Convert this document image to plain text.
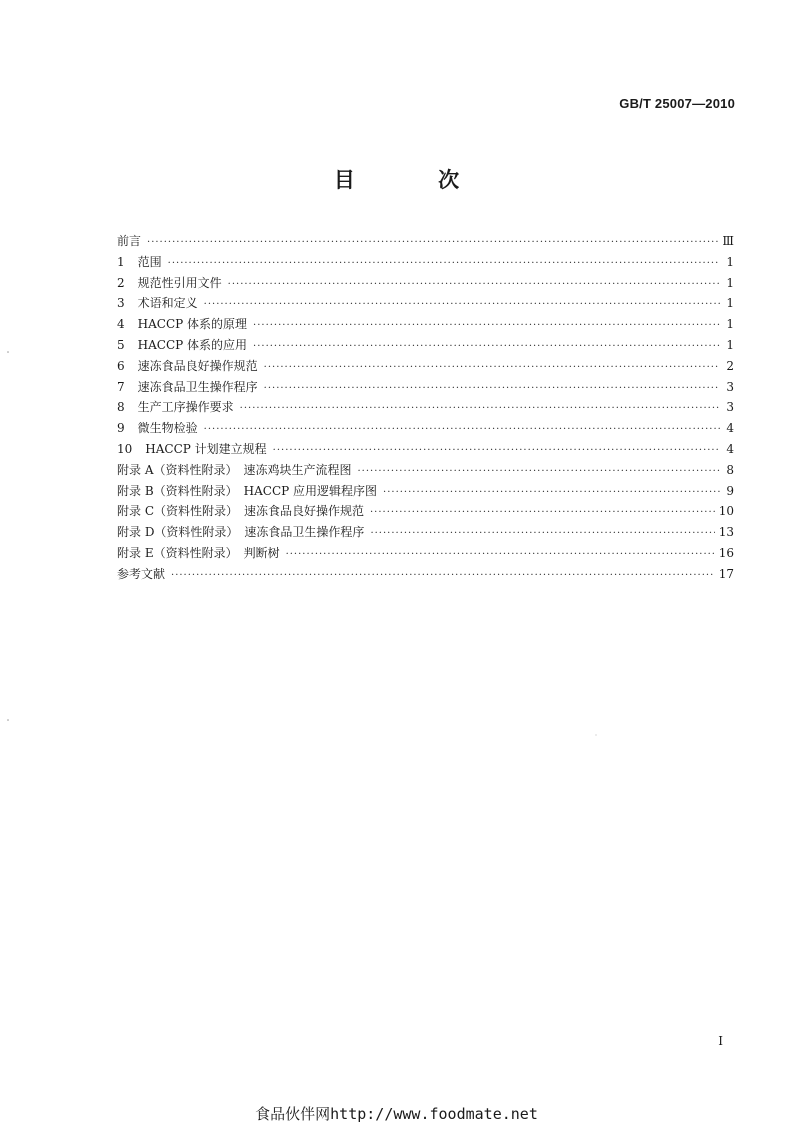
GB/T 25007—2010
目 次
前言 ·····	Ⅲ
1 范围 ·····	1
2 规范性引用文件 ·····	1
3 术语和定义 ·····	1
4 HACCP 体系的原理 ·····	1
5 HACCP 体系的应用 ·····	1
6 速冻食品良好操作规范 ·····	2
7 速冻食品卫生操作程序 ·····	3
8 生产工序操作要求 ·····	3
9 微生物检验 ·····	4
10 HACCP 计划建立规程 ·····	4
附录 A（资料性附录）　速冻鸡块生产流程图 ·····	8
附录 B（资料性附录）　HACCP 应用逻辑程序图 ·····	9
附录 C（资料性附录）　速冻食品良好操作规范 ·····	10
附录 D（资料性附录）　速冻食品卫生操作程序 ·····	13
附录 E（资料性附录）　判断树 ·····	16
参考文献 ·····	17
I
食品伙伴网http://www.foodmate.net
